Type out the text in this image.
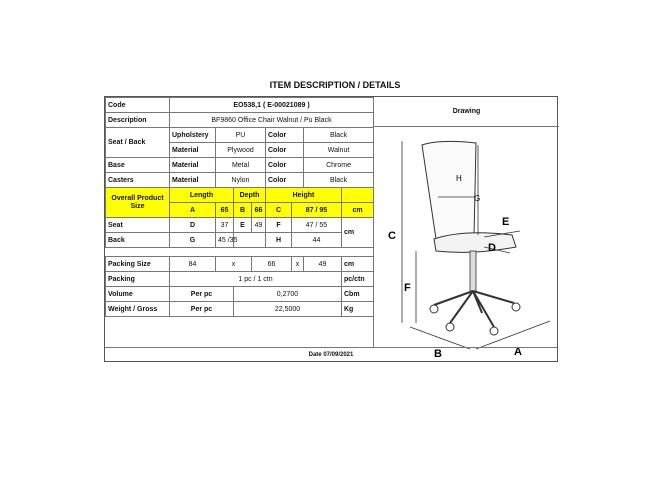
ITEM DESCRIPTION / DETAILS
Code	EO538,1 ( E-00021089 )							
Description	BF9860 Office Chair Walnut / Pu Black							
Seat / Back	Upholstery	PU			Color		Black	
	Material	Plywood			Color		Walnut	
Base	Material	Metal			Color		Chrome	
Casters	Material	Nylon			Color		Black	
Overall Product Size	Length		Depth		Height			
	A	65	B	66	C	87 / 95		cm
Seat	D	37	E	49	F	47 / 55		cm
Back	G	45 /35			H	44		

Packing Size	84	x		66		x	49	cm
Packing	1 pc / 1 ctn							pc/ctn
Volume	Per pc		0,2700					Cbm
Weight / Gross	Per pc		22,5000					Kg
Drawing
C
F
H
G
E
D
B	A
Date 07/09/2021
